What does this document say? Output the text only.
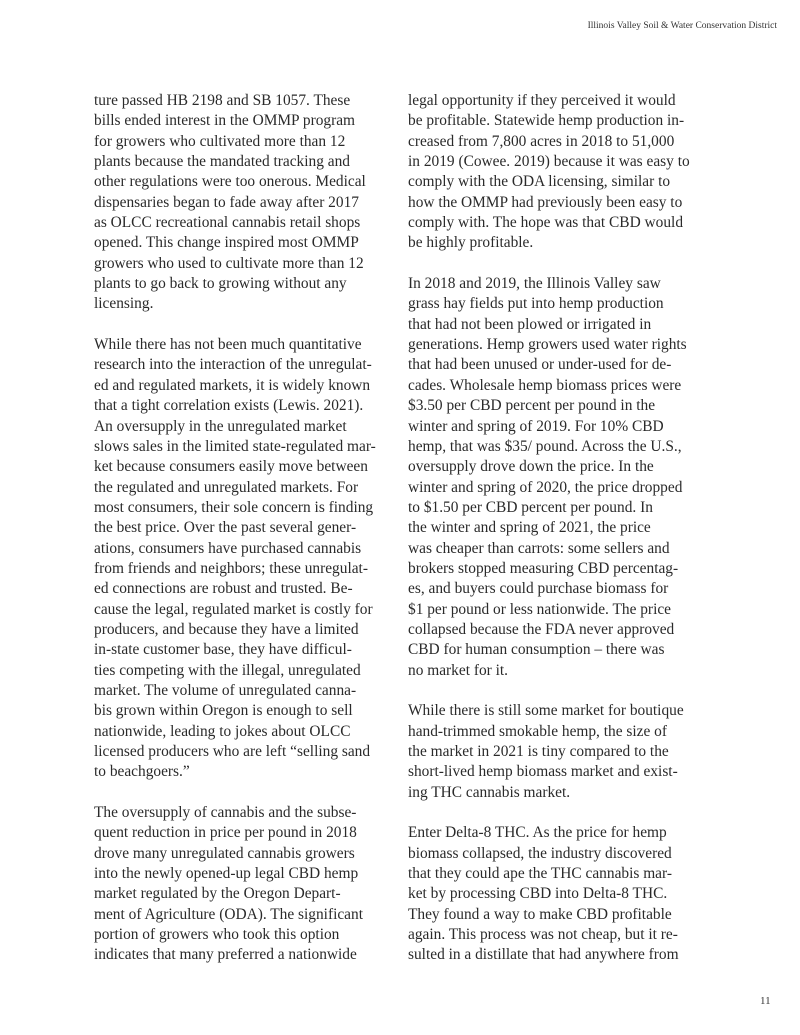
Illinois Valley Soil & Water Conservation District

ture passed HB 2198 and SB 1057. These
bills ended interest in the OMMP program
for growers who cultivated more than 12
plants because the mandated tracking and
other regulations were too onerous. Medical
dispensaries began to fade away after 2017
as OLCC recreational cannabis retail shops
opened. This change inspired most OMMP
growers who used to cultivate more than 12
plants to go back to growing without any
licensing.

While there has not been much quantitative
research into the interaction of the unregulat-
ed and regulated markets, it is widely known
that a tight correlation exists (Lewis. 2021).
An oversupply in the unregulated market
slows sales in the limited state-regulated mar-
ket because consumers easily move between
the regulated and unregulated markets. For
most consumers, their sole concern is finding
the best price. Over the past several gener-
ations, consumers have purchased cannabis
from friends and neighbors; these unregulat-
ed connections are robust and trusted. Be-
cause the legal, regulated market is costly for
producers, and because they have a limited
in-state customer base, they have difficul-
ties competing with the illegal, unregulated
market. The volume of unregulated canna-
bis grown within Oregon is enough to sell
nationwide, leading to jokes about OLCC
licensed producers who are left “selling sand
to beachgoers.”

The oversupply of cannabis and the subse-
quent reduction in price per pound in 2018
drove many unregulated cannabis growers
into the newly opened-up legal CBD hemp
market regulated by the Oregon Depart-
ment of Agriculture (ODA). The significant
portion of growers who took this option
indicates that many preferred a nationwide

legal opportunity if they perceived it would
be profitable. Statewide hemp production in-
creased from 7,800 acres in 2018 to 51,000
in 2019 (Cowee. 2019) because it was easy to
comply with the ODA licensing, similar to
how the OMMP had previously been easy to
comply with. The hope was that CBD would
be highly profitable.

In 2018 and 2019, the Illinois Valley saw
grass hay fields put into hemp production
that had not been plowed or irrigated in
generations. Hemp growers used water rights
that had been unused or under-used for de-
cades. Wholesale hemp biomass prices were
$3.50 per CBD percent per pound in the
winter and spring of 2019. For 10% CBD
hemp, that was $35/ pound. Across the U.S.,
oversupply drove down the price. In the
winter and spring of 2020, the price dropped
to $1.50 per CBD percent per pound. In
the winter and spring of 2021, the price
was cheaper than carrots: some sellers and
brokers stopped measuring CBD percentag-
es, and buyers could purchase biomass for
$1 per pound or less nationwide. The price
collapsed because the FDA never approved
CBD for human consumption – there was
no market for it.

While there is still some market for boutique
hand-trimmed smokable hemp, the size of
the market in 2021 is tiny compared to the
short-lived hemp biomass market and exist-
ing THC cannabis market.

Enter Delta-8 THC. As the price for hemp
biomass collapsed, the industry discovered
that they could ape the THC cannabis mar-
ket by processing CBD into Delta-8 THC.
They found a way to make CBD profitable
again. This process was not cheap, but it re-
sulted in a distillate that had anywhere from

11
